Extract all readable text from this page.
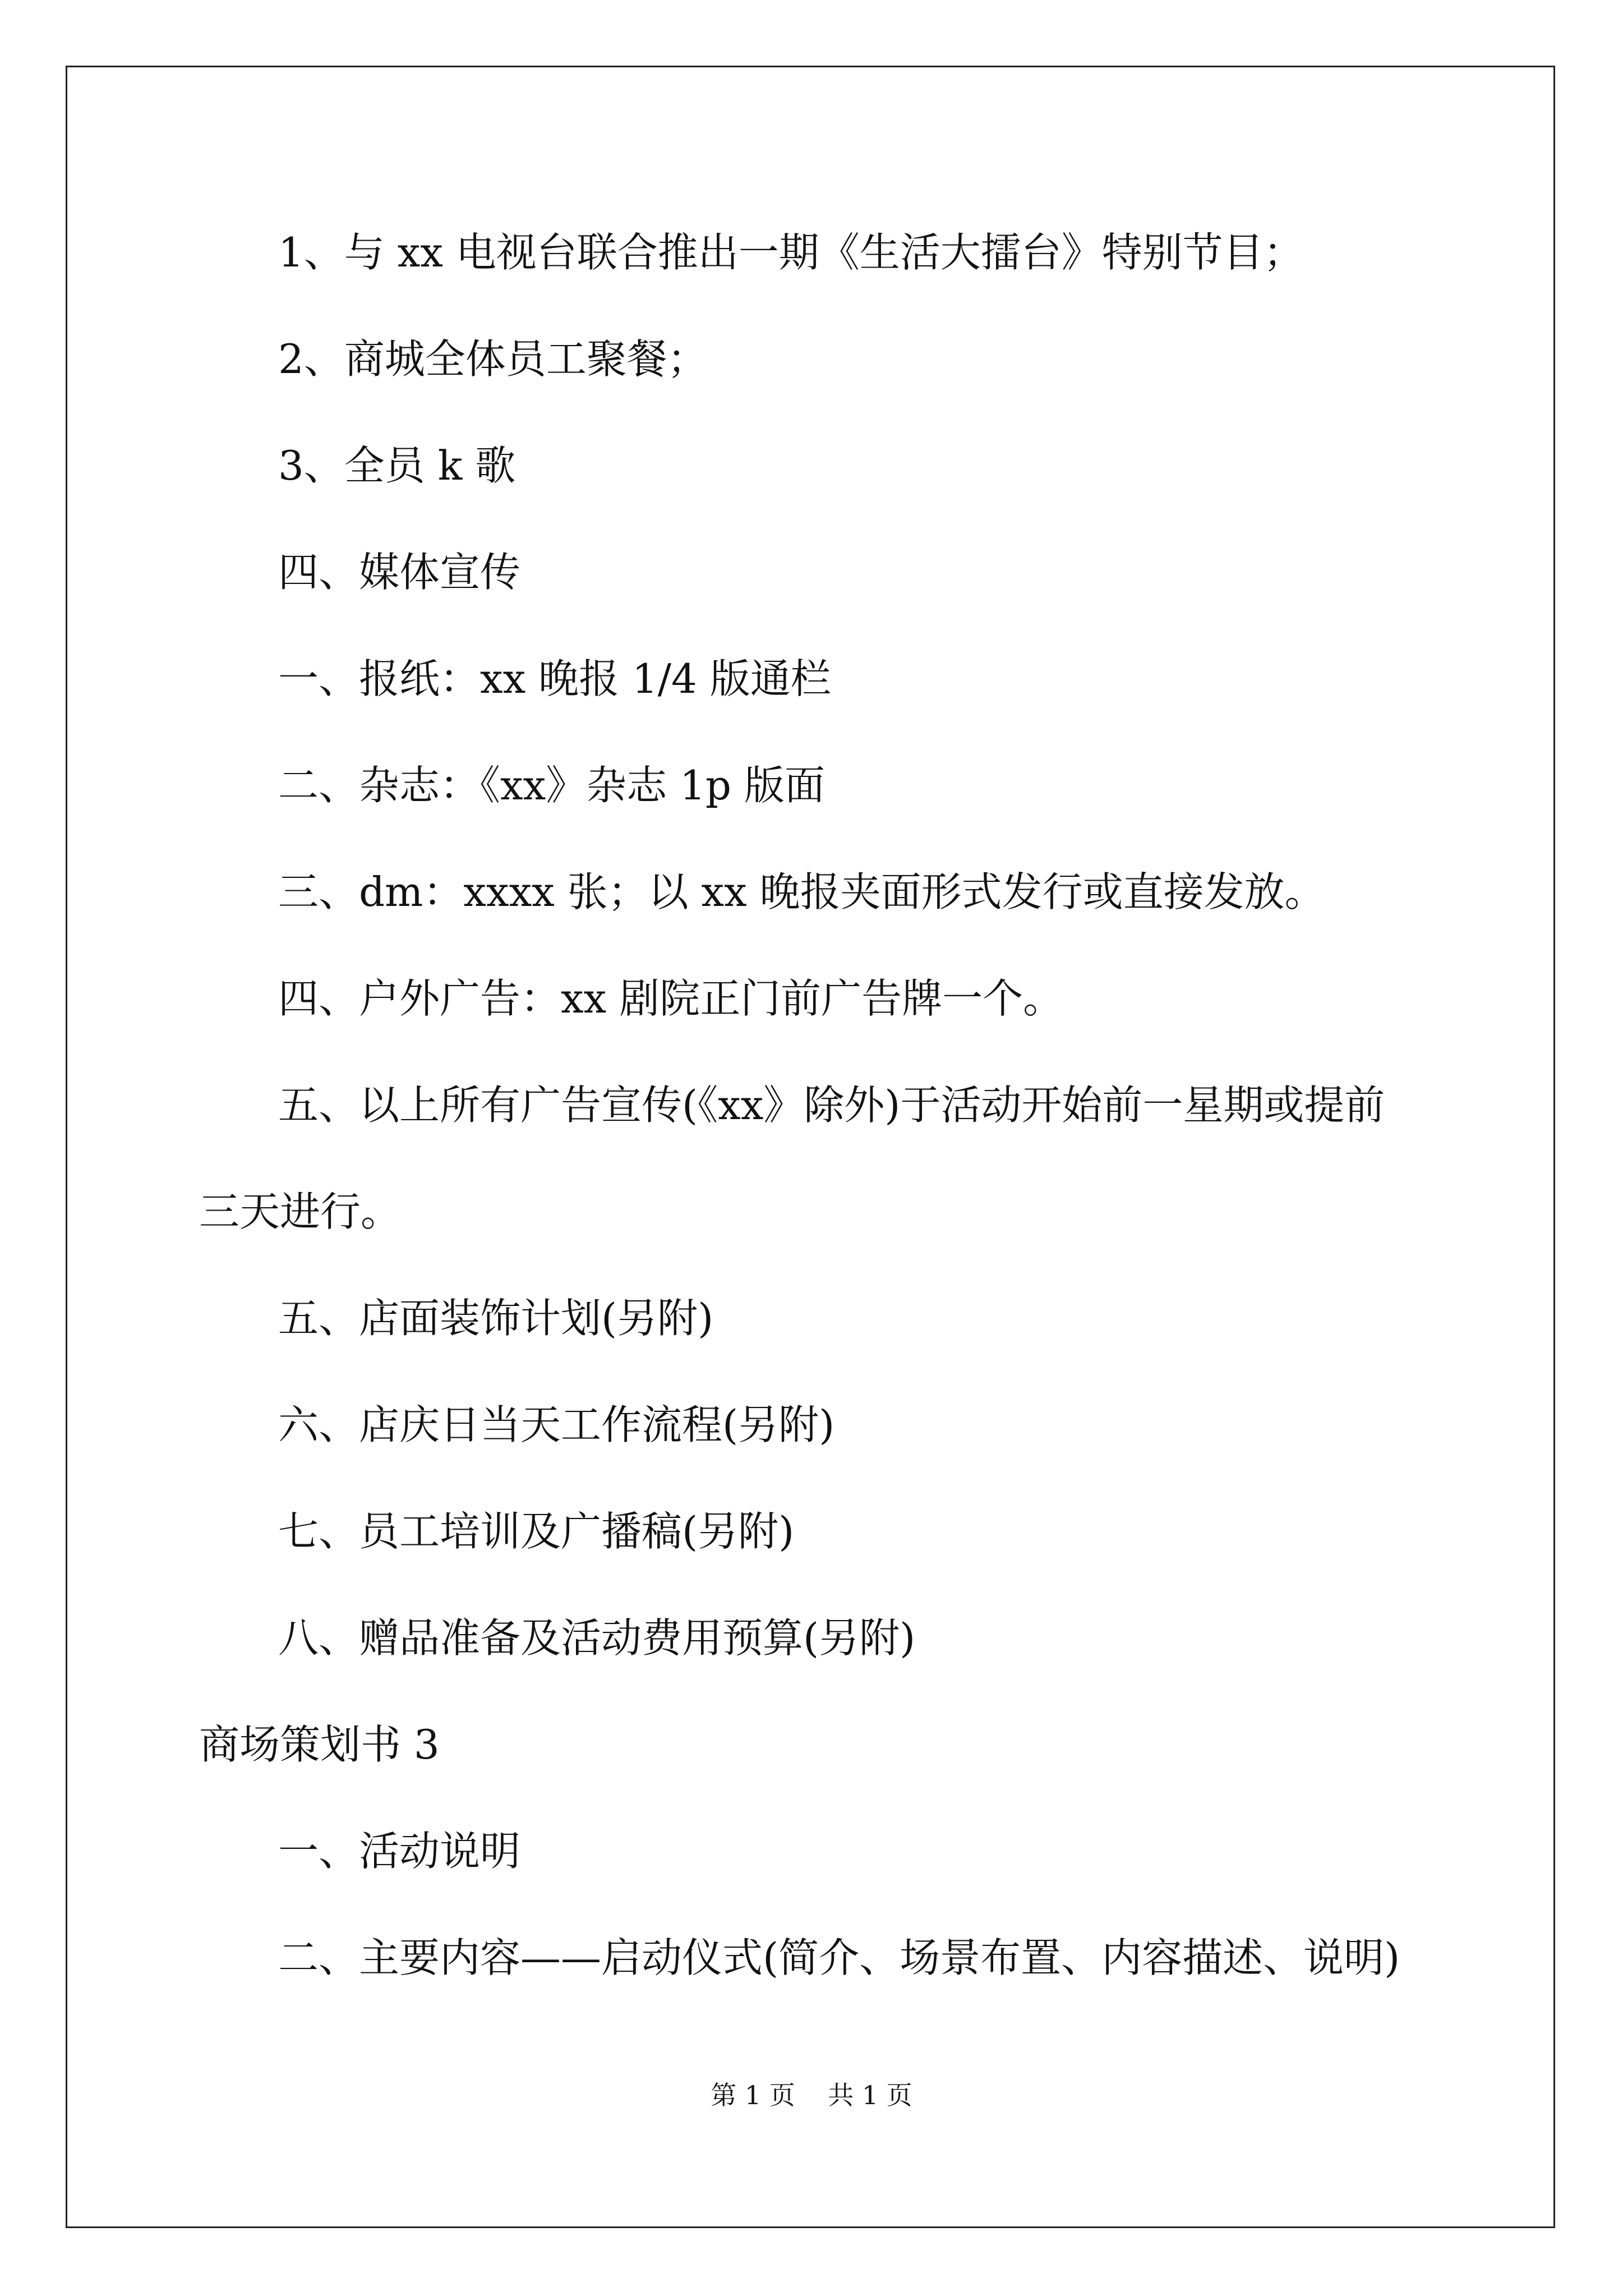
1、与 xx 电视台联合推出一期《生活大擂台》特别节目；
2、商城全体员工聚餐；
3、全员 k 歌
四、媒体宣传
一、报纸：xx 晚报 1/4 版通栏
二、杂志：《xx》杂志 1p 版面
三、dm：xxxx 张；以 xx 晚报夹面形式发行或直接发放。
四、户外广告：xx 剧院正门前广告牌一个。
五、以上所有广告宣传(《xx》除外)于活动开始前一星期或提前
三天进行。
五、店面装饰计划(另附)
六、店庆日当天工作流程(另附)
七、员工培训及广播稿(另附)
八、赠品准备及活动费用预算(另附)
商场策划书 3
一、活动说明
二、主要内容——启动仪式(简介、场景布置、内容描述、说明)
第 1 页    共 1 页
